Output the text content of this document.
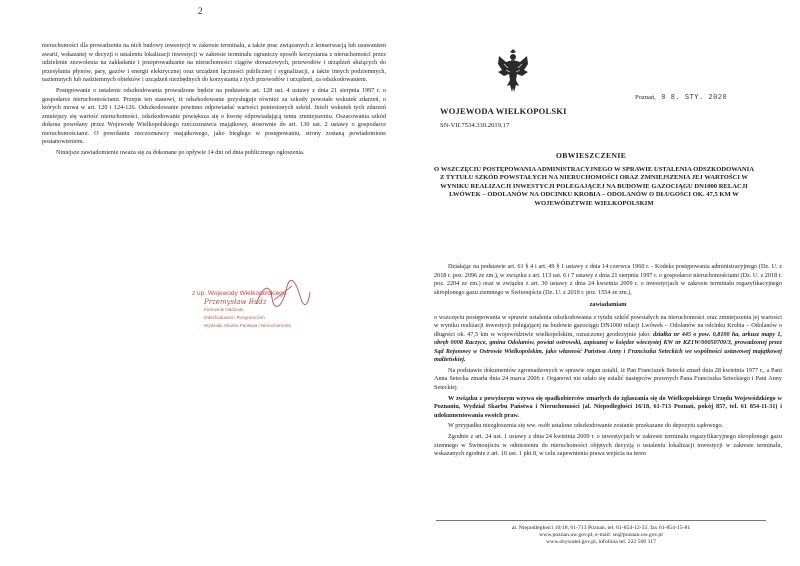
2

nieruchomości dla prowadzenia na nich budowy inwestycji w zakresie terminalu, a także prac związanych z konserwacją lub usuwaniem awarii, wskazanej w decyzji o ustaleniu lokalizacji inwestycji w zakresie terminalu ograniczy sposób korzystania z nieruchomości przez udzielenie zezwolenia na zakładanie i przeprowadzanie na nieruchomości ciągów drenażowych, przewodów i urządzeń służących do przesyłania płynów, pary, gazów i energii elektrycznej oraz urządzeń łączności publicznej i sygnalizacji, a także innych podziemnych, naziemnych lub nadziemnych obiektów i urządzeń niezbędnych do korzystania z tych przewodów i urządzeń, za odszkodowaniem.

Postępowanie o ustalenie odszkodowania prowadzone będzie na podstawie art. 128 ust. 4 ustawy z dnia 21 sierpnia 1997 r. o gospodarce nieruchomościami. Przepis ten stanowi, iż odszkodowanie przysługuje również za szkody powstałe wskutek zdarzeń, o których mowa w art. 120 i 124-126. Odszkodowanie powinno odpowiadać wartości poniesionych szkód. Jeżeli wskutek tych zdarzeń zmniejszy się wartość nieruchomości, odszkodowanie powiększa się o kwotę odpowiadającą temu zmniejszeniu. Oszacowania szkód dokona powołany przez Wojewodę Wielkopolskiego rzeczoznawca majątkowy, stosownie do art. 130 ust. 2 ustawy o gospodarce nieruchomościami. O powołaniu rzeczoznawcy majątkowego, jako biegłego w postępowaniu, strony zostaną powiadomione postanowieniem.

Niniejsze zawiadomienie uważa się za dokonane po upływie 14 dni od dnia publicznego ogłoszenia.

z up. Wojewody Wielkopolskiego
Przemysław Budz
Kierownik Oddziału
Odszkodowań i Rozgraniczeń
Wydziału Skarbu Państwa i Nieruchomości
Poznań, 0 8. STY. 2020
WOJEWODA WIELKOPOLSKI
SN-VII.7534.330.2019.17
OBWIESZCZENIE
O WSZCZĘCIU POSTĘPOWANIA ADMINISTRACYJNEGO W SPRAWIE USTALENIA ODSZKODOWANIA Z TYTUŁU SZKÓD POWSTAŁYCH NA NIERUCHOMOŚCI ORAZ ZMNIEJSZENIA JEJ WARTOŚCI W WYNIKU REALIZACJI INWESTYCJI POLEGAJĄCEJ NA BUDOWIE GAZOCIĄGU DN1000 RELACJI LWÓWEK – ODOLANÓW NA ODCINKU KROBIA – ODOLANÓW O DŁUGOŚCI OK. 47,5 KM W WOJEWÓDZTWIE WIELKOPOLSKIM

Działając na podstawie art. 61 § 4 i art. 49 § 1 ustawy z dnia 14 czerwca 1960 r. - Kodeks postępowania administracyjnego (Dz. U. z 2018 r. poz. 2096 ze zm.), w związku z art. 113 ust. 6 i 7 ustawy z dnia 21 sierpnia 1997 r. o gospodarce nieruchomościami (Dz. U. z 2018 r. poz. 2204 ze zm.) oraz w związku z art. 30 ustawy z dnia 24 kwietnia 2009 r. o inwestycjach w zakresie terminalu regazyfikacyjnego skroplonego gazu ziemnego w Świnoujściu (Dz. U. z 2019 r. poz. 1554 ze zm.),

zawiadamiam

o wszczęciu postępowania w sprawie ustalenia odszkodowania z tytułu szkód powstałych na nieruchomości oraz zmniejszenia jej wartości w wyniku realizacji inwestycji polegającej na budowie gazociągu DN1000 relacji Lwówek – Odolanów na odcinku Krobia – Odolanów o długości ok. 47,5 km w województwie wielkopolskim, oznaczonej geodezyjnie jako: działka nr 445 o pow. 0,8100 ha, arkusz mapy 1, obręb 0008 Raczyce, gmina Odolanów, powiat ostrowski, zapisanej w księdze wieczystej KW nr KZ1W/00050709/3, prowadzonej przez Sąd Rejonowy w Ostrowie Wielkopolskim, jako własność Państwa Anny i Franciszka Seteckich we wspólności ustawowej majątkowej małżeńskiej.

Na podstawie dokumentów zgromadzonych w sprawie organ ustalił, iż Pan Franciszek Setecki zmarł dnia 28 kwietnia 1977 r., a Pani Anna Setecka zmarła dnia 24 marca 2006 r. Organowi nie udało się ustalić następców prawnych Pana Franciszka Seteckiego i Pani Anny Seteckiej.

W związku z powyższym wzywa się spadkobierców zmarłych do zgłaszania się do Wielkopolskiego Urzędu Wojewódzkiego w Poznaniu, Wydział Skarbu Państwa i Nieruchomości (al. Niepodległości 16/18, 61-713 Poznań, pokój 857, tel. 61 854-11-31) i udokumentowania swoich praw.

W przypadku niezgłoszenia się ww. osób ustalone odszkodowanie zostanie przekazane do depozytu sądowego.

Zgodnie z art. 24 ust. 1 ustawy z dnia 24 kwietnia 2009 r. o inwestycjach w zakresie terminalu regazyfikacyjnego skroplonego gazu ziemnego w Świnoujściu w odniesieniu do nieruchomości objętych decyzją o ustaleniu lokalizacji inwestycji w zakresie terminalu, wskazanych zgodnie z art. 10 ust. 1 pkt 8, w celu zapewnienia prawa wejścia na teren

al. Niepodległości 16/18, 61-713 Poznań, tel. 61-854-12-33, fax 61-854-15-81
www.poznan.uw.gov.pl, e-mail: sn@poznan.uw.gov.pl
www.obywatel.gov.pl, infolinia tel. 222 500 117
